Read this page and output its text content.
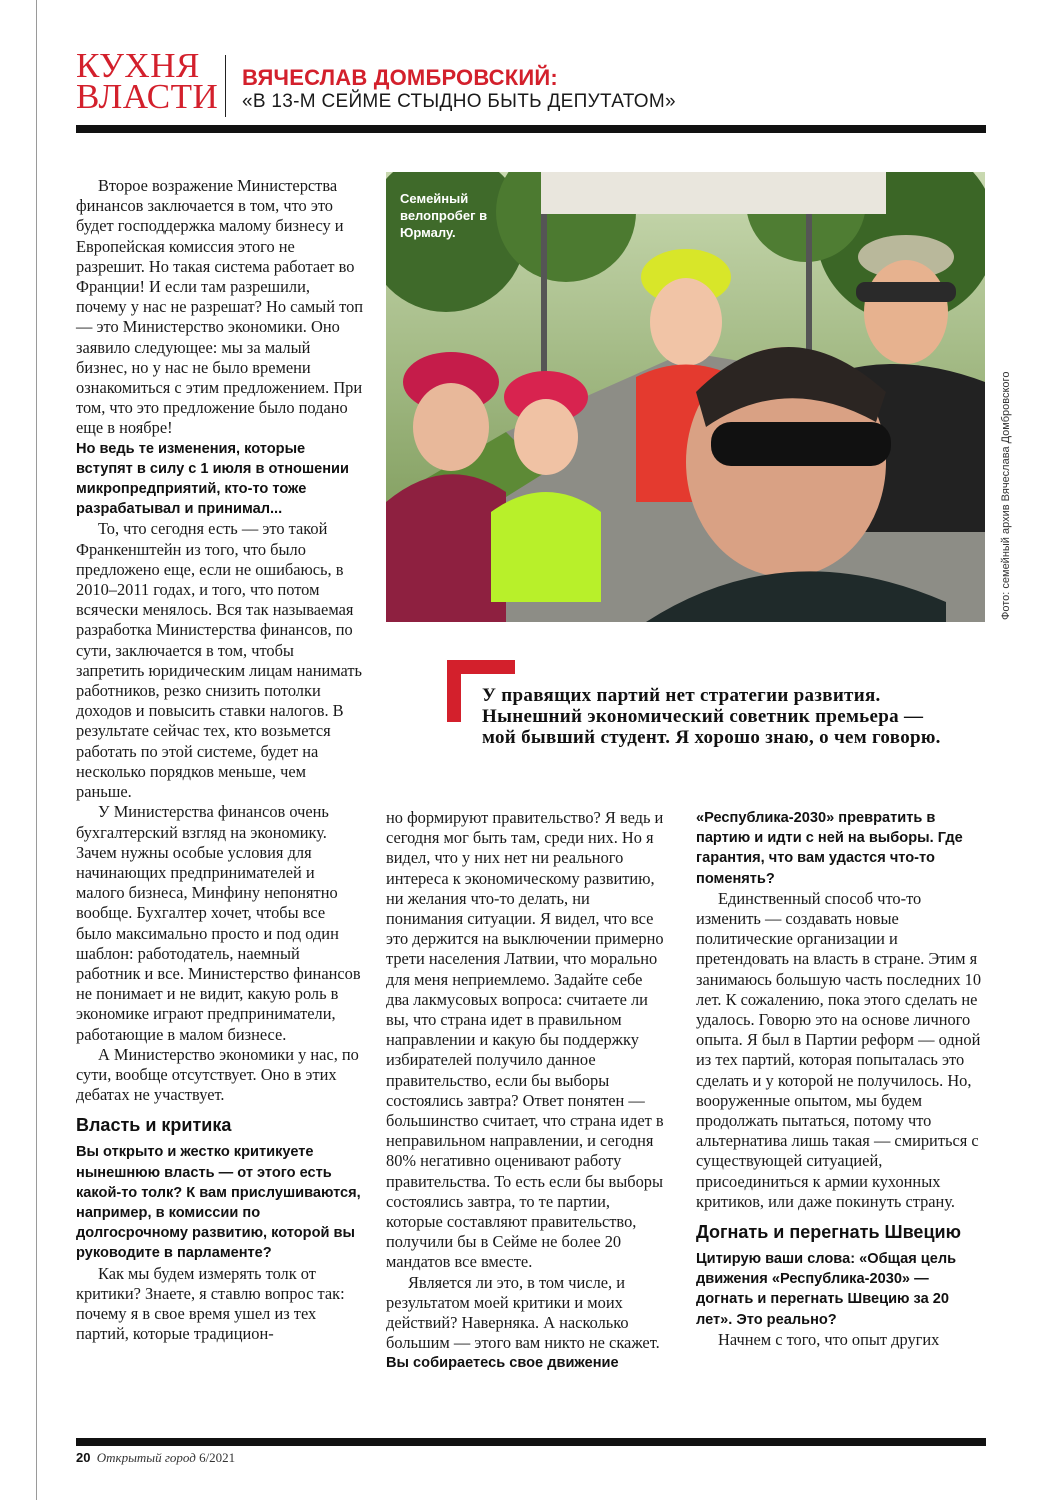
КУХНЯ
ВЛАСТИ	ВЯЧЕСЛАВ ДОМБРОВСКИЙ:
«В 13-М СЕЙМЕ СТЫДНО БЫТЬ ДЕПУТАТОМ»

Второе возражение Министерства финансов заключается в том, что это будет господдержка малому бизнесу и Европейская комиссия этого не разрешит. Но такая система работает во Франции! И если там разрешили, почему у нас не разрешат? Но самый топ — это Министерство экономики. Оно заявило следующее: мы за малый бизнес, но у нас не было времени ознакомиться с этим предложением. При том, что это предложение было подано еще в ноябре!

Но ведь те изменения, которые вступят в силу с 1 июля в отношении микропредприятий, кто-то тоже разрабатывал и принимал...

То, что сегодня есть — это такой Франкенштейн из того, что было предложено еще, если не ошибаюсь, в 2010–2011 годах, и того, что потом всячески менялось. Вся так называемая разработка Министерства финансов, по сути, заключается в том, чтобы запретить юридическим лицам нанимать работников, резко снизить потолки доходов и повысить ставки налогов. В результате сейчас тех, кто возьмется работать по этой системе, будет на несколько порядков меньше, чем раньше.

У Министерства финансов очень бухгалтерский взгляд на экономику. Зачем нужны особые условия для начинающих предпринимателей и малого бизнеса, Минфину непонятно вообще. Бухгалтер хочет, чтобы все было максимально просто и под один шаблон: работодатель, наемный работник и все. Министерство финансов не понимает и не видит, какую роль в экономике играют предприниматели, работающие в малом бизнесе.

А Министерство экономики у нас, по сути, вообще отсутствует. Оно в этих дебатах не участвует.

Власть и критика

Вы открыто и жестко критикуете нынешнюю власть — от этого есть какой-то толк? К вам прислушиваются, например, в комиссии по долгосрочному развитию, которой вы руководите в парламенте?

Как мы будем измерять толк от критики? Знаете, я ставлю вопрос так: почему я в свое время ушел из тех партий, которые традицион-

Семейный велопробег в Юрмалу.
Фото: семейный архив Вячеслава Домбровского
У правящих партий нет стратегии развития. Нынешний экономический советник премьера — мой бывший студент. Я хорошо знаю, о чем говорю.

но формируют правительство? Я ведь и сегодня мог быть там, среди них. Но я видел, что у них нет ни реального интереса к экономическому развитию, ни желания что-то делать, ни понимания ситуации. Я видел, что все это держится на выключении примерно трети населения Латвии, что морально для меня неприемлемо. Задайте себе два лакмусовых вопроса: считаете ли вы, что страна идет в правильном направлении и какую бы поддержку избирателей получило данное правительство, если бы выборы состоялись завтра? Ответ понятен — большинство считает, что страна идет в неправильном направлении, и сегодня 80% негативно оценивают работу правительства. То есть если бы выборы состоялись завтра, то те партии, которые составляют правительство, получили бы в Сейме не более 20 мандатов все вместе.

Является ли это, в том числе, и результатом моей критики и моих действий? Наверняка. А насколько большим — этого вам никто не скажет.

Вы собираетесь свое движение

«Республика-2030» превратить в партию и идти с ней на выборы. Где гарантия, что вам удастся что-то поменять?

Единственный способ что-то изменить — создавать новые политические организации и претендовать на власть в стране. Этим я занимаюсь большую часть последних 10 лет. К сожалению, пока этого сделать не удалось. Говорю это на основе личного опыта. Я был в Партии реформ — одной из тех партий, которая попыталась это сделать и у которой не получилось. Но, вооруженные опытом, мы будем продолжать пытаться, потому что альтернатива лишь такая — смириться с существующей ситуацией, присоединиться к армии кухонных критиков, или даже покинуть страну.

Догнать и перегнать Швецию

Цитирую ваши слова: «Общая цель движения «Республика-2030» — догнать и перегнать Швецию за 20 лет». Это реально?

Начнем с того, что опыт других

20 Открытый город 6/2021
